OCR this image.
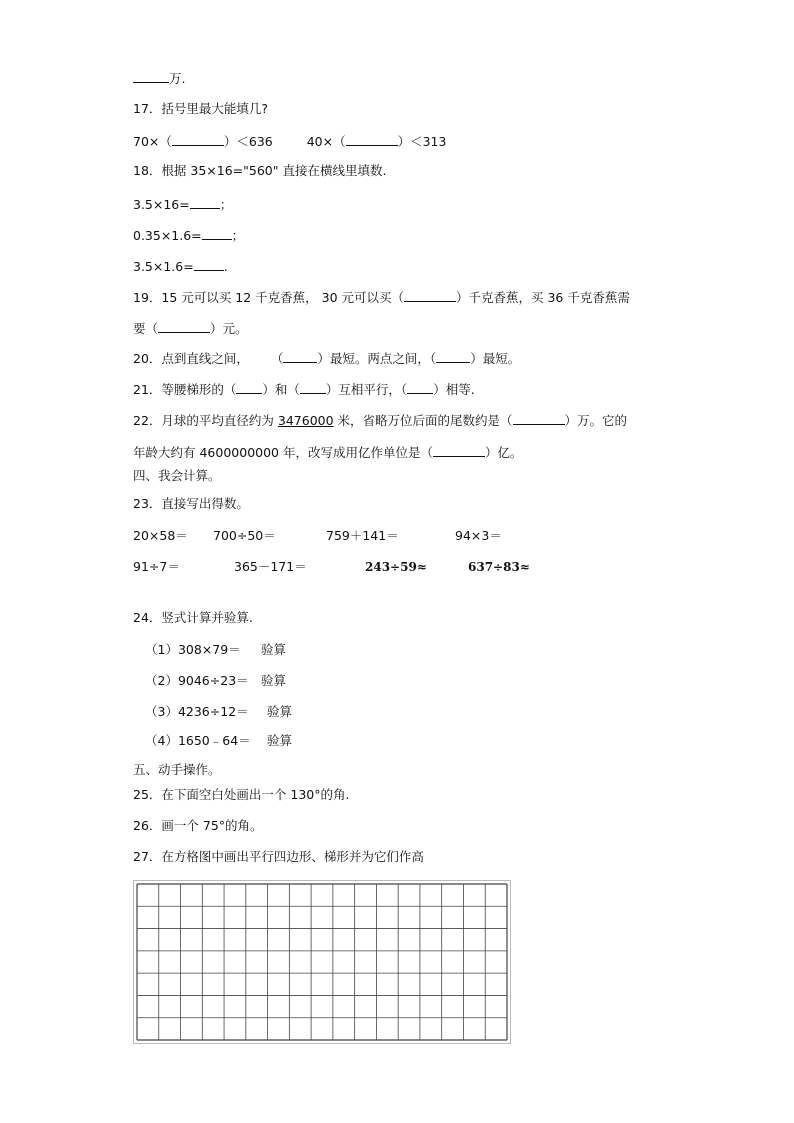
万.
17．括号里最大能填几?
70×（	）＜636	40×（	）＜313
18．根据 35×16="560" 直接在横线里填数.
3.5×16= ；
0.35×1.6= ；
3.5×1.6= .
19．15 元可以买 12 千克香蕉， 30 元可以买（	）千克香蕉，买 36 千克香蕉需
要（	）元。
20．点到直线之间， （	）最短。两点之间，（	）最短。
21．等腰梯形的（ ）和（ ）互相平行，（ ）相等.
22．月球的平均直径约为 3476000 米，省略万位后面的尾数约是（	）万。它的
年龄大约有 4600000000 年，改写成用亿作单位是（	）亿。
四、我会计算。
23．直接写出得数。
20×58＝ 700÷50＝	759＋141＝	94×3＝
91÷7＝	365－171＝	243÷59≈	637÷83≈
24．竖式计算并验算.
（1）308×79＝ 验算
（2）9046÷23＝ 验算
（3）4236÷12＝ 验算
（4）1650﹣64＝ 验算
五、动手操作。
25．在下面空白处画出一个 130°的角.
26．画一个 75°的角。
27．在方格图中画出平行四边形、梯形并为它们作高
